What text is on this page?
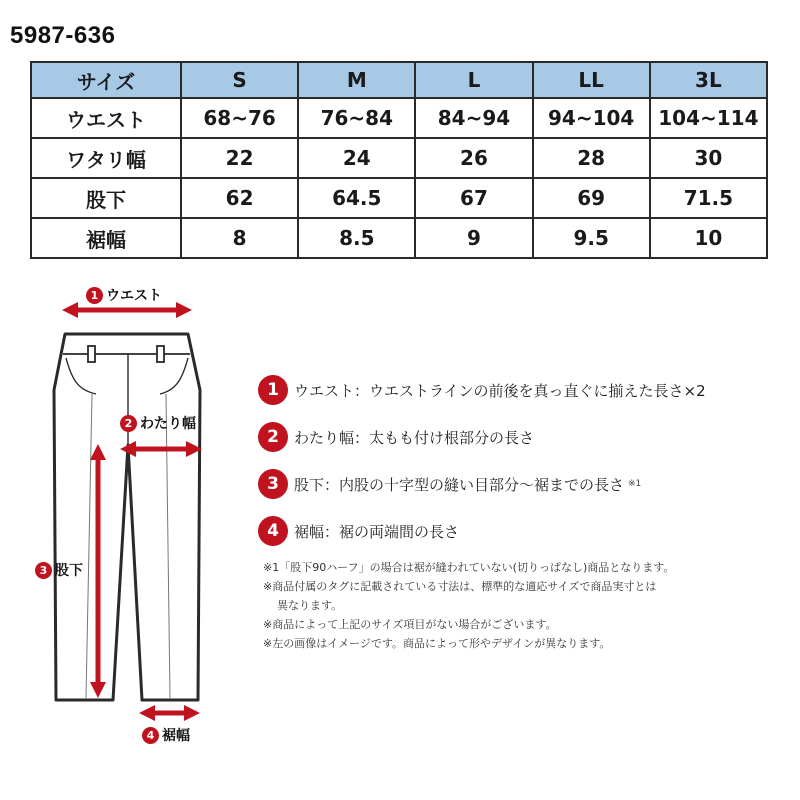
5987-636
サイズ	S	M	L	LL	3L
ウエスト	68~76	76~84	84~94	94~104	104~114
ワタリ幅	22	24	26	28	30
股下	62	64.5	67	69	71.5
裾幅	8	8.5	9	9.5	10
1 ウエスト
2 わたり幅
3 股下
4 裾幅
1	ウエスト：ウエストラインの前後を真っ直ぐに揃えた長さ×2
2	わたり幅：太もも付け根部分の長さ
3	股下：内股の十字型の縫い目部分～裾までの長さ ※1
4	裾幅：裾の両端間の長さ
※1「股下90ハーフ」の場合は裾が縫われていない(切りっぱなし)商品となります。
※商品付属のタグに記載されている寸法は、標準的な適応サイズで商品実寸とは
異なります。
※商品によって上記のサイズ項目がない場合がございます。
※左の画像はイメージです。商品によって形やデザインが異なります。
